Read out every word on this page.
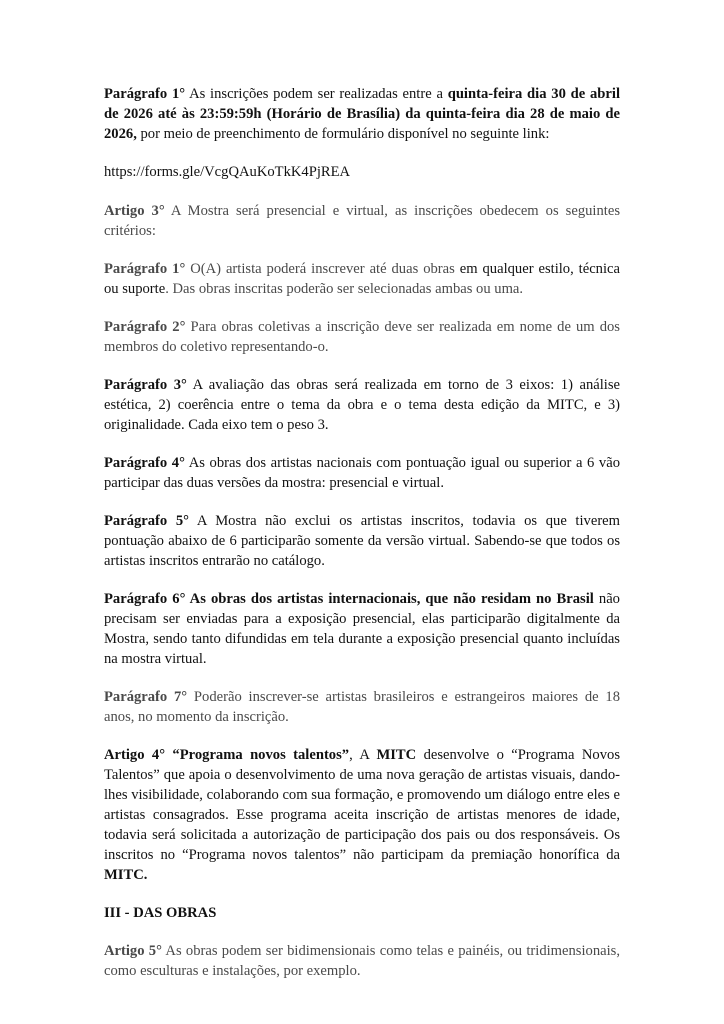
Parágrafo 1° As inscrições podem ser realizadas entre a quinta-feira dia 30 de abril de 2026 até às 23:59:59h (Horário de Brasília) da quinta-feira dia 28 de maio de 2026, por meio de preenchimento de formulário disponível no seguinte link:

https://forms.gle/VcgQAuKoTkK4PjREA

Artigo 3° A Mostra será presencial e virtual, as inscrições obedecem os seguintes critérios:

Parágrafo 1° O(A) artista poderá inscrever até duas obras em qualquer estilo, técnica ou suporte. Das obras inscritas poderão ser selecionadas ambas ou uma.

Parágrafo 2° Para obras coletivas a inscrição deve ser realizada em nome de um dos membros do coletivo representando-o.

Parágrafo 3° A avaliação das obras será realizada em torno de 3 eixos: 1) análise estética, 2) coerência entre o tema da obra e o tema desta edição da MITC, e 3) originalidade. Cada eixo tem o peso 3.

Parágrafo 4° As obras dos artistas nacionais com pontuação igual ou superior a 6 vão participar das duas versões da mostra: presencial e virtual.

Parágrafo 5° A Mostra não exclui os artistas inscritos, todavia os que tiverem pontuação abaixo de 6 participarão somente da versão virtual. Sabendo-se que todos os artistas inscritos entrarão no catálogo.

Parágrafo 6° As obras dos artistas internacionais, que não residam no Brasil não precisam ser enviadas para a exposição presencial, elas participarão digitalmente da Mostra, sendo tanto difundidas em tela durante a exposição presencial quanto incluídas na mostra virtual.

Parágrafo 7° Poderão inscrever-se artistas brasileiros e estrangeiros maiores de 18 anos, no momento da inscrição.

Artigo 4° “Programa novos talentos”, A MITC desenvolve o “Programa Novos Talentos” que apoia o desenvolvimento de uma nova geração de artistas visuais, dando-lhes visibilidade, colaborando com sua formação, e promovendo um diálogo entre eles e artistas consagrados. Esse programa aceita inscrição de artistas menores de idade, todavia será solicitada a autorização de participação dos pais ou dos responsáveis. Os inscritos no “Programa novos talentos” não participam da premiação honorífica da MITC.

III - DAS OBRAS

Artigo 5° As obras podem ser bidimensionais como telas e painéis, ou tridimensionais, como esculturas e instalações, por exemplo.
